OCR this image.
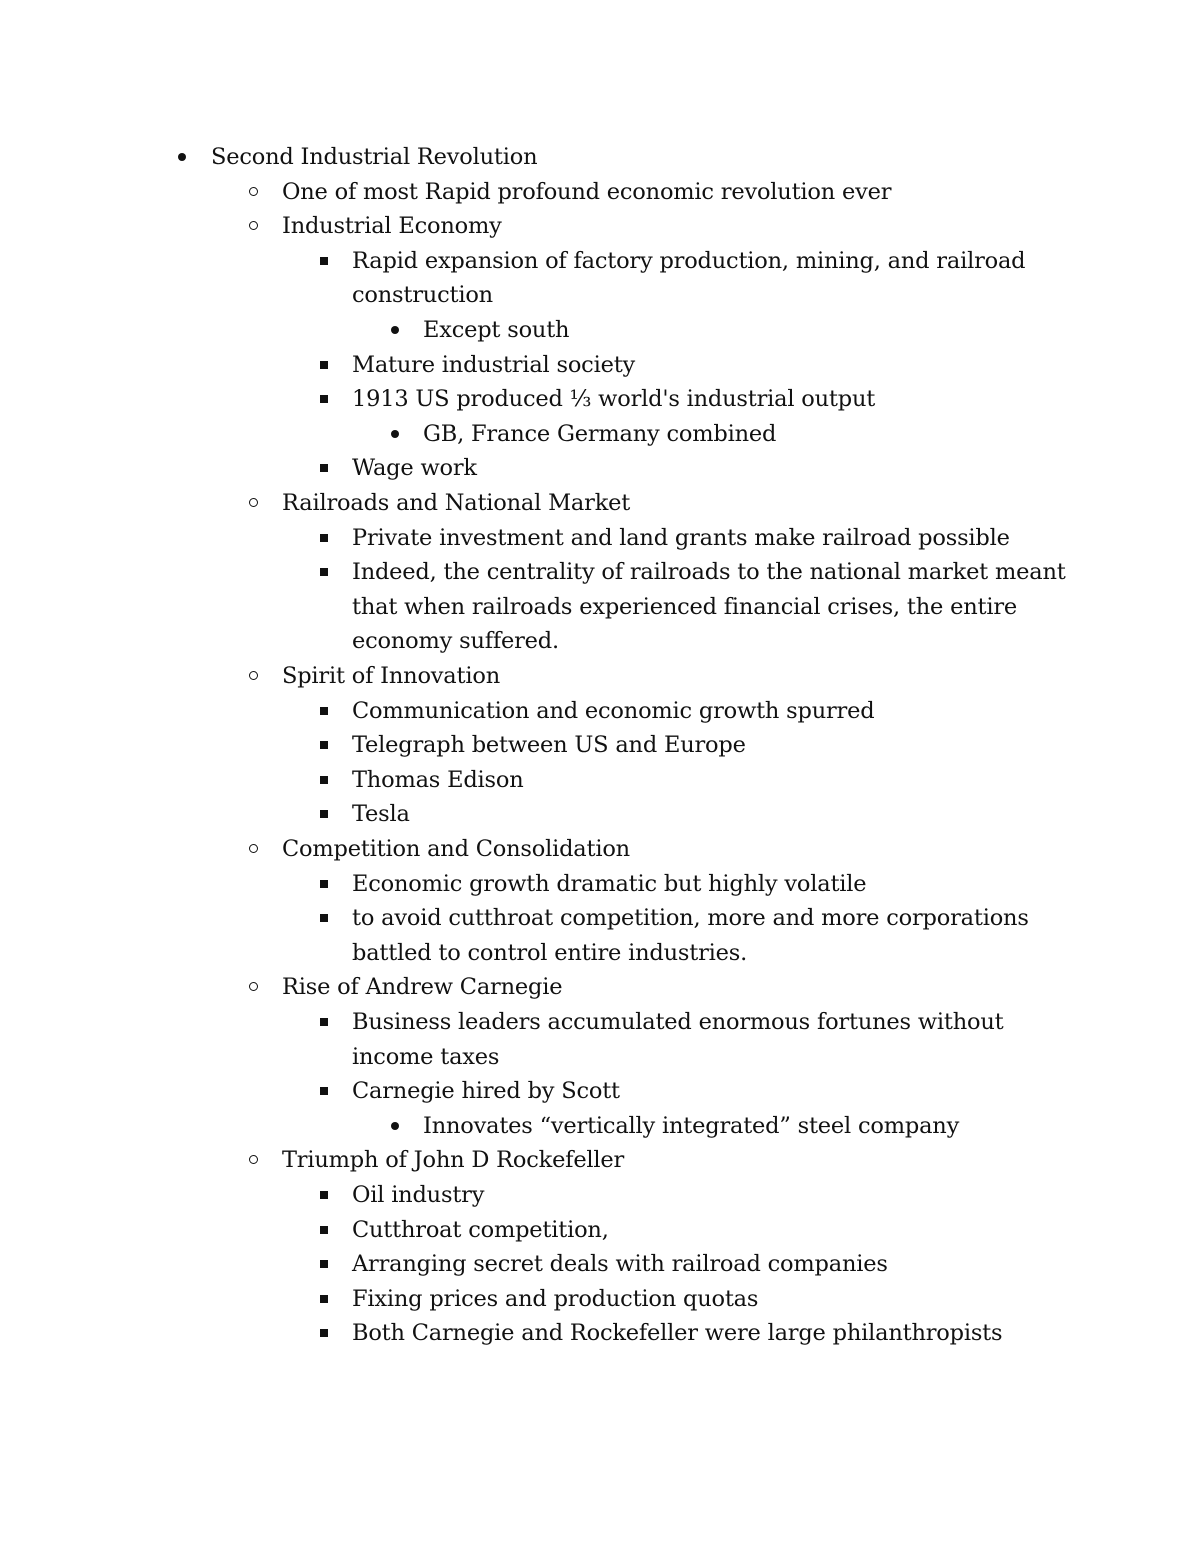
Second Industrial Revolution
One of most Rapid profound economic revolution ever
Industrial Economy
Rapid expansion of factory production, mining, and railroad
construction
Except south
Mature industrial society
1913 US produced ⅓ world's industrial output
GB, France Germany combined
Wage work
Railroads and National Market
Private investment and land grants make railroad possible
Indeed, the centrality of railroads to the national market meant
that when railroads experienced financial crises, the entire
economy suffered.
Spirit of Innovation
Communication and economic growth spurred
Telegraph between US and Europe
Thomas Edison
Tesla
Competition and Consolidation
Economic growth dramatic but highly volatile
to avoid cutthroat competition, more and more corporations
battled to control entire industries.
Rise of Andrew Carnegie
Business leaders accumulated enormous fortunes without
income taxes
Carnegie hired by Scott
Innovates “vertically integrated” steel company
Triumph of John D Rockefeller
Oil industry
Cutthroat competition,
Arranging secret deals with railroad companies
Fixing prices and production quotas
Both Carnegie and Rockefeller were large philanthropists
